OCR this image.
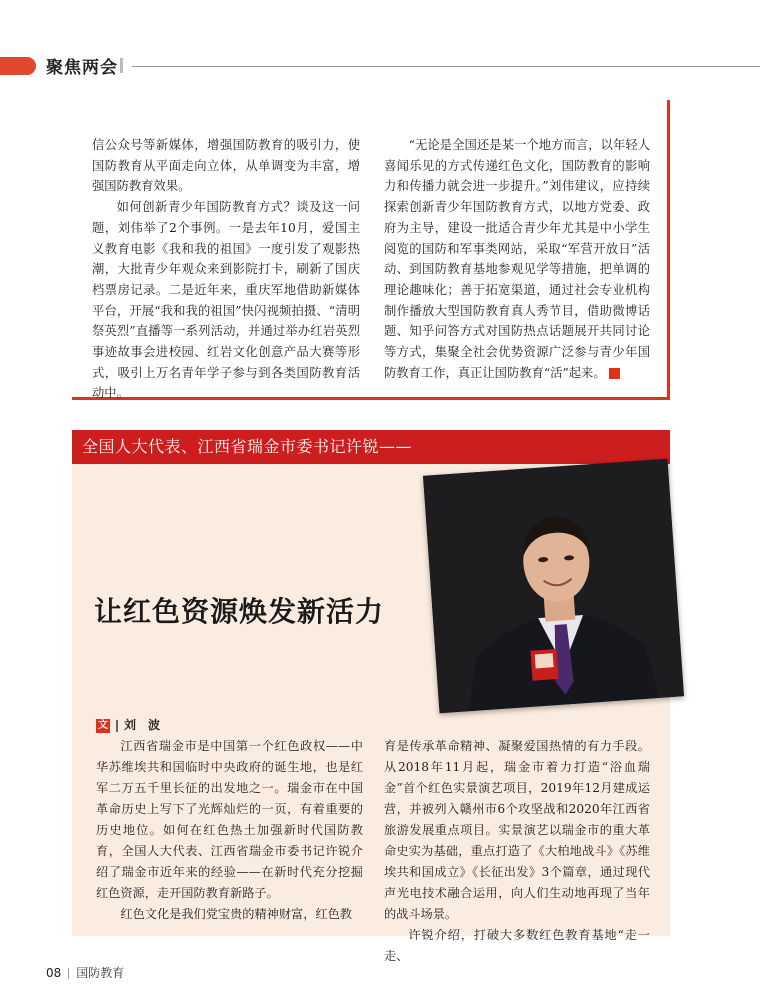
聚焦两会

信公众号等新媒体，增强国防教育的吸引力，使国防教育从平面走向立体，从单调变为丰富，增强国防教育效果。

如何创新青少年国防教育方式？谈及这一问题，刘伟举了2个事例。一是去年10月，爱国主义教育电影《我和我的祖国》一度引发了观影热潮，大批青少年观众来到影院打卡，刷新了国庆档票房记录。二是近年来，重庆军地借助新媒体平台，开展“我和我的祖国”快闪视频拍摄、“清明祭英烈”直播等一系列活动，并通过举办红岩英烈事迹故事会进校园、红岩文化创意产品大赛等形式，吸引上万名青年学子参与到各类国防教育活动中。

“无论是全国还是某一个地方而言，以年轻人喜闻乐见的方式传递红色文化，国防教育的影响力和传播力就会进一步提升。”刘伟建议，应持续探索创新青少年国防教育方式，以地方党委、政府为主导，建设一批适合青少年尤其是中小学生阅览的国防和军事类网站，采取“军营开放日”活动、到国防教育基地参观见学等措施，把单调的理论趣味化；善于拓宽渠道，通过社会专业机构制作播放大型国防教育真人秀节目，借助微博话题、知乎问答方式对国防热点话题展开共同讨论等方式，集聚全社会优势资源广泛参与青少年国防教育工作，真正让国防教育“活”起来。	G

全国人大代表、江西省瑞金市委书记许锐——
让红色资源焕发新活力
文 刘　波

江西省瑞金市是中国第一个红色政权——中华苏维埃共和国临时中央政府的诞生地，也是红军二万五千里长征的出发地之一。瑞金市在中国革命历史上写下了光辉灿烂的一页，有着重要的历史地位。如何在红色热土加强新时代国防教育，全国人大代表、江西省瑞金市委书记许锐介绍了瑞金市近年来的经验——在新时代充分挖掘红色资源，走开国防教育新路子。

红色文化是我们党宝贵的精神财富，红色教

育是传承革命精神、凝聚爱国热情的有力手段。从2018年11月起，瑞金市着力打造“浴血瑞金”首个红色实景演艺项目，2019年12月建成运营，并被列入赣州市6个攻坚战和2020年江西省旅游发展重点项目。实景演艺以瑞金市的重大革命史实为基础，重点打造了《大柏地战斗》《苏维埃共和国成立》《长征出发》3个篇章，通过现代声光电技术融合运用，向人们生动地再现了当年的战斗场景。

许锐介绍，打破大多数红色教育基地“走一走、

08 国防教育
